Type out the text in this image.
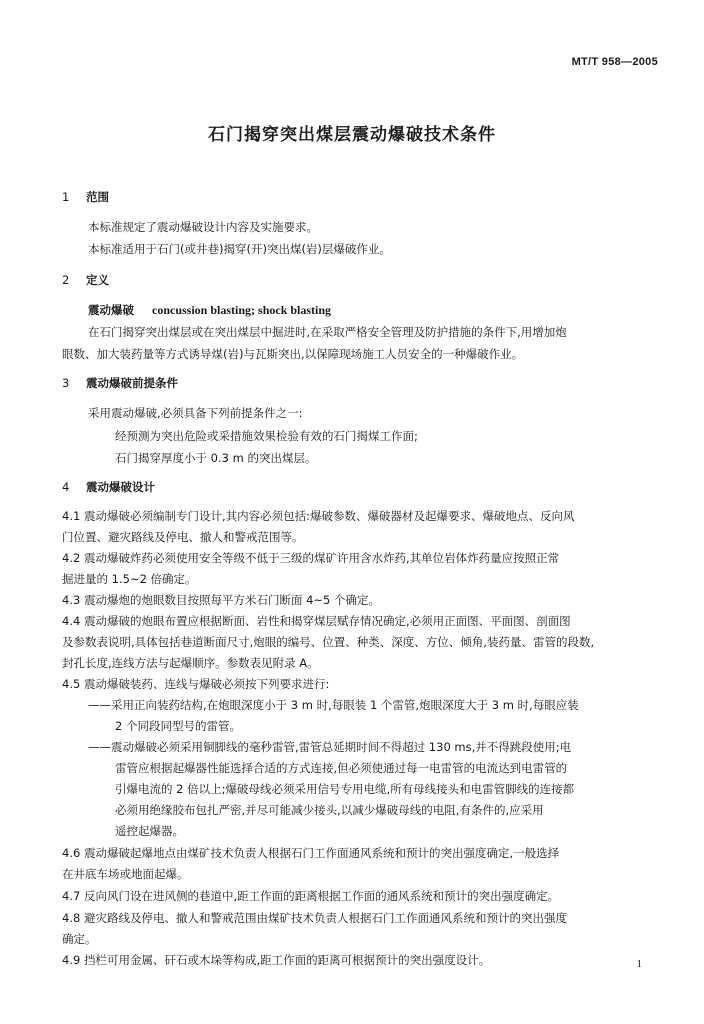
MT/T 958—2005
石门揭穿突出煤层震动爆破技术条件
1 范围
本标准规定了震动爆破设计内容及实施要求。
本标准适用于石门(或井巷)揭穿(开)突出煤(岩)层爆破作业。
2 定义
震动爆破 concussion blasting; shock blasting
在石门揭穿突出煤层或在突出煤层中掘进时,在采取严格安全管理及防护措施的条件下,用增加炮
眼数、加大装药量等方式诱导煤(岩)与瓦斯突出,以保障现场施工人员安全的一种爆破作业。
3 震动爆破前提条件
采用震动爆破,必须具备下列前提条件之一:
经预测为突出危险或采措施效果检验有效的石门揭煤工作面;
石门揭穿厚度小于 0.3 m 的突出煤层。
4 震动爆破设计
4.1 震动爆破必须编制专门设计,其内容必须包括:爆破参数、爆破器材及起爆要求、爆破地点、反向风
门位置、避灾路线及停电、撤人和警戒范围等。
4.2 震动爆破炸药必须使用安全等级不低于三级的煤矿许用含水炸药,其单位岩体炸药量应按照正常
掘进量的 1.5~2 倍确定。
4.3 震动爆炮的炮眼数目按照每平方米石门断面 4~5 个确定。
4.4 震动爆破的炮眼布置应根据断面、岩性和揭穿煤层赋存情况确定,必须用正面图、平面图、剖面图
及参数表说明,具体包括巷道断面尺寸,炮眼的编号、位置、种类、深度、方位、倾角,装药量、雷管的段数,
封孔长度,连线方法与起爆顺序。参数表见附录 A。
4.5 震动爆破装药、连线与爆破必须按下列要求进行:
——采用正向装药结构,在炮眼深度小于 3 m 时,每眼装 1 个雷管,炮眼深度大于 3 m 时,每眼应装
2 个同段同型号的雷管。
——震动爆破必须采用铜脚线的毫秒雷管,雷管总延期时间不得超过 130 ms,并不得跳段使用;电
雷管应根据起爆器性能选择合适的方式连接,但必须使通过每一电雷管的电流达到电雷管的
引爆电流的 2 倍以上;爆破母线必须采用信号专用电缆,所有母线接头和电雷管脚线的连接都
必须用绝缘胶布包扎严密,并尽可能减少接头,以减少爆破母线的电阻,有条件的,应采用
遥控起爆器。
4.6 震动爆破起爆地点由煤矿技术负责人根据石门工作面通风系统和预计的突出强度确定,一般选择
在井底车场或地面起爆。
4.7 反向风门设在进风侧的巷道中,距工作面的距离根据工作面的通风系统和预计的突出强度确定。
4.8 避灾路线及停电、撤人和警戒范围由煤矿技术负责人根据石门工作面通风系统和预计的突出强度
确定。
4.9 挡栏可用金属、矸石或木垛等构成,距工作面的距离可根据预计的突出强度设计。	1
